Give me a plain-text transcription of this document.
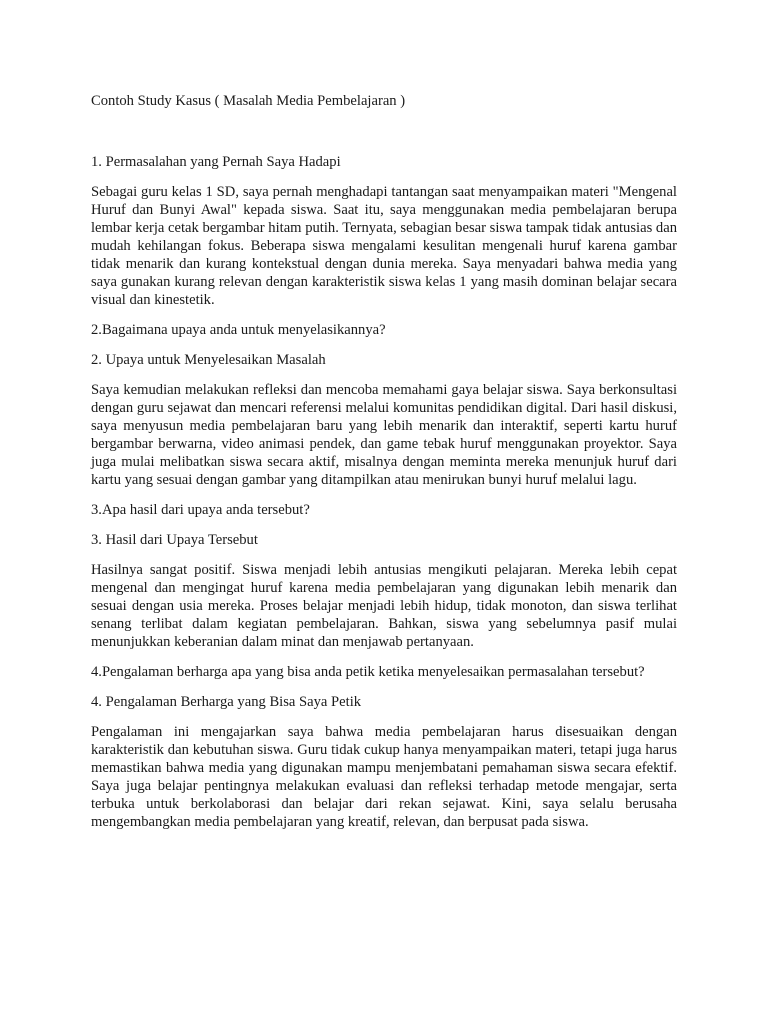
Contoh Study Kasus ( Masalah Media Pembelajaran )

1. Permasalahan yang Pernah Saya Hadapi

Sebagai guru kelas 1 SD, saya pernah menghadapi tantangan saat menyampaikan materi "Mengenal Huruf dan Bunyi Awal" kepada siswa. Saat itu, saya menggunakan media pembelajaran berupa lembar kerja cetak bergambar hitam putih. Ternyata, sebagian besar siswa tampak tidak antusias dan mudah kehilangan fokus. Beberapa siswa mengalami kesulitan mengenali huruf karena gambar tidak menarik dan kurang kontekstual dengan dunia mereka. Saya menyadari bahwa media yang saya gunakan kurang relevan dengan karakteristik siswa kelas 1 yang masih dominan belajar secara visual dan kinestetik.

2.Bagaimana upaya anda untuk menyelasikannya?

2. Upaya untuk Menyelesaikan Masalah

Saya kemudian melakukan refleksi dan mencoba memahami gaya belajar siswa. Saya berkonsultasi dengan guru sejawat dan mencari referensi melalui komunitas pendidikan digital. Dari hasil diskusi, saya menyusun media pembelajaran baru yang lebih menarik dan interaktif, seperti kartu huruf bergambar berwarna, video animasi pendek, dan game tebak huruf menggunakan proyektor. Saya juga mulai melibatkan siswa secara aktif, misalnya dengan meminta mereka menunjuk huruf dari kartu yang sesuai dengan gambar yang ditampilkan atau menirukan bunyi huruf melalui lagu.

3.Apa hasil dari upaya anda tersebut?

3. Hasil dari Upaya Tersebut

Hasilnya sangat positif. Siswa menjadi lebih antusias mengikuti pelajaran. Mereka lebih cepat mengenal dan mengingat huruf karena media pembelajaran yang digunakan lebih menarik dan sesuai dengan usia mereka. Proses belajar menjadi lebih hidup, tidak monoton, dan siswa terlihat senang terlibat dalam kegiatan pembelajaran. Bahkan, siswa yang sebelumnya pasif mulai menunjukkan keberanian dalam minat dan menjawab pertanyaan.

4.Pengalaman berharga apa yang bisa anda petik ketika menyelesaikan permasalahan tersebut?

4. Pengalaman Berharga yang Bisa Saya Petik

Pengalaman ini mengajarkan saya bahwa media pembelajaran harus disesuaikan dengan karakteristik dan kebutuhan siswa. Guru tidak cukup hanya menyampaikan materi, tetapi juga harus memastikan bahwa media yang digunakan mampu menjembatani pemahaman siswa secara efektif. Saya juga belajar pentingnya melakukan evaluasi dan refleksi terhadap metode mengajar, serta terbuka untuk berkolaborasi dan belajar dari rekan sejawat. Kini, saya selalu berusaha mengembangkan media pembelajaran yang kreatif, relevan, dan berpusat pada siswa.
